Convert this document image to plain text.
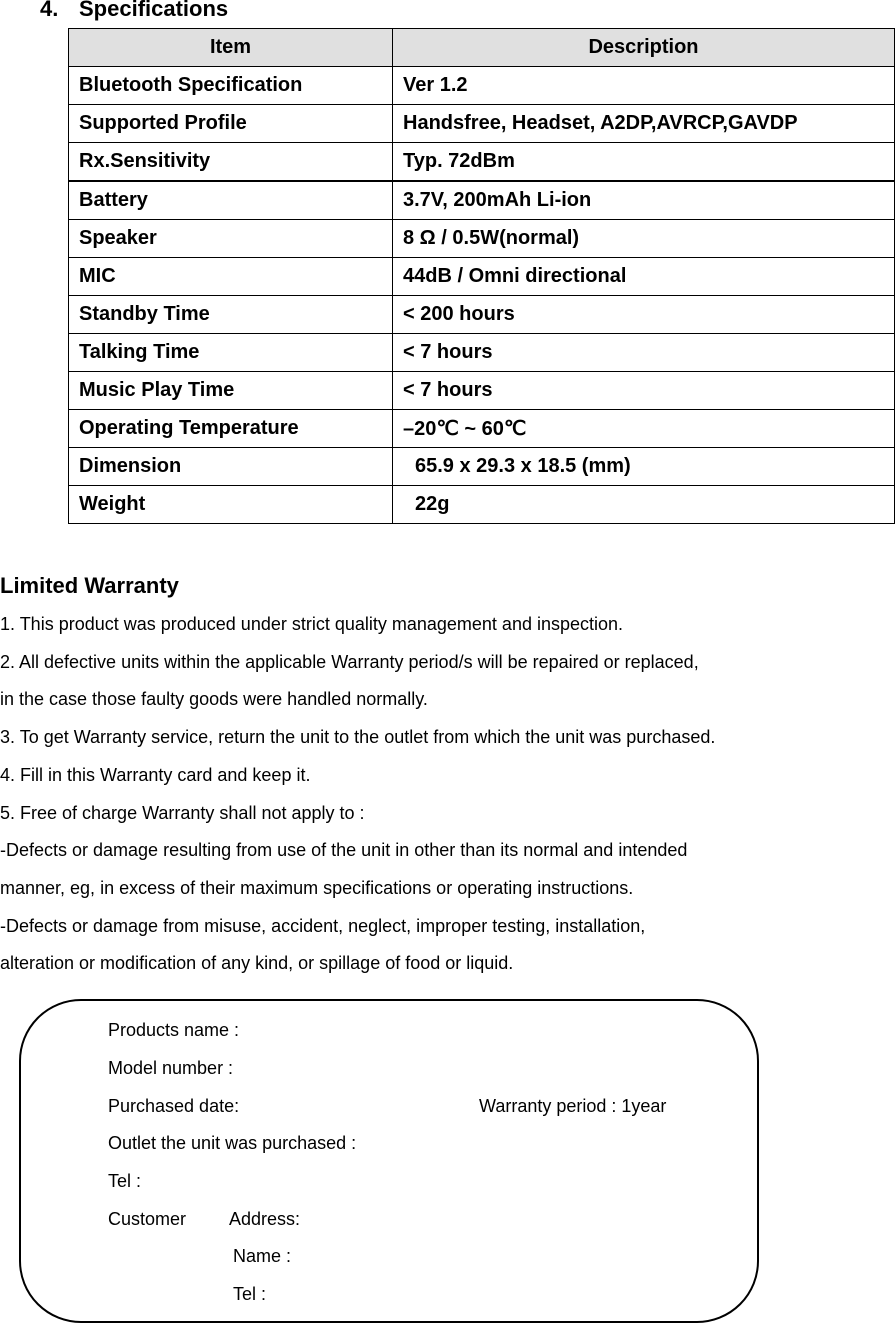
4. Specifications
Item	Description
Bluetooth Specification	Ver 1.2
Supported Profile	Handsfree, Headset, A2DP,AVRCP,GAVDP
Rx.Sensitivity	Typ. 72dBm
Battery	3.7V, 200mAh Li-ion
Speaker	8 Ω / 0.5W(normal)
MIC	44dB / Omni directional
Standby Time	< 200 hours
Talking Time	< 7 hours
Music Play Time	< 7 hours
Operating Temperature	–20℃ ~ 60℃
Dimension	65.9 x 29.3 x 18.5 (mm)
Weight	22g
Limited Warranty

1. This product was produced under strict quality management and inspection.

2. All defective units within the applicable Warranty period/s will be repaired or replaced,

in the case those faulty goods were handled normally.

3. To get Warranty service, return the unit to the outlet from which the unit was purchased.

4. Fill in this Warranty card and keep it.

5. Free of charge Warranty shall not apply to :

-Defects or damage resulting from use of the unit in other than its normal and intended

manner, eg, in excess of their maximum specifications or operating instructions.

-Defects or damage from misuse, accident, neglect, improper testing, installation,

alteration or modification of any kind, or spillage of food or liquid.

Products name :
Model number :
Purchased date:	Warranty period : 1year
Outlet the unit was purchased :
Tel :
Customer Address:
Name :
Tel :
